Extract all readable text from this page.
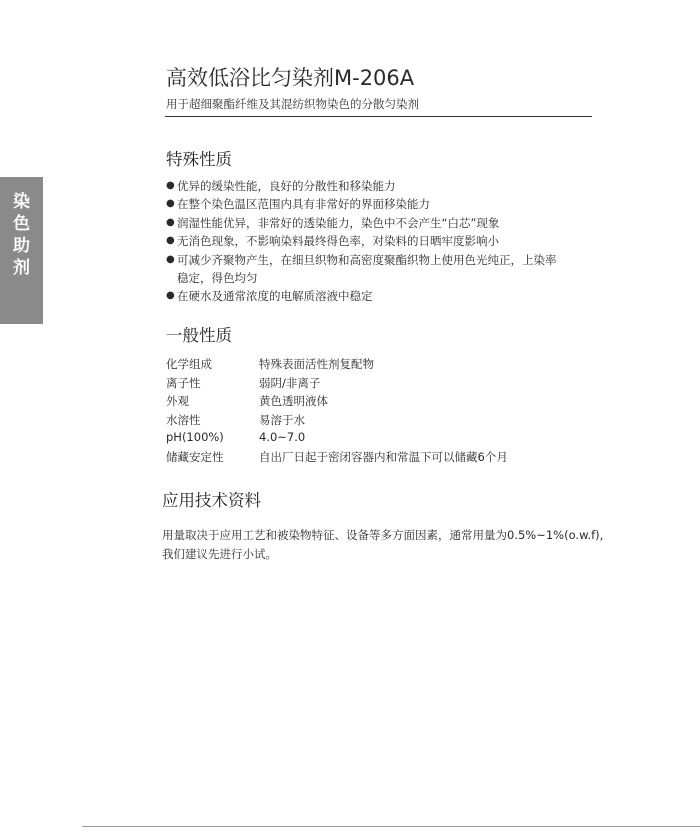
染
色
助
剂
高效低浴比匀染剂M-206A
用于超细聚酯纤维及其混纺织物染色的分散匀染剂
特殊性质
● 优异的缓染性能，良好的分散性和移染能力
● 在整个染色温区范围内具有非常好的界面移染能力
● 润湿性能优异，非常好的透染能力，染色中不会产生“白芯”现象
● 无消色现象，不影响染料最终得色率，对染料的日晒牢度影响小
● 可减少齐聚物产生，在细旦织物和高密度聚酯织物上使用色光纯正，上染率
稳定，得色均匀
● 在硬水及通常浓度的电解质溶液中稳定
一般性质
化学组成	特殊表面活性剂复配物
离子性	弱阴/非离子
外观	黄色透明液体
水溶性	易溶于水
pH(100%)	4.0~7.0
储藏安定性	自出厂日起于密闭容器内和常温下可以储藏6个月
应用技术资料
用量取决于应用工艺和被染物特征、设备等多方面因素，通常用量为0.5%~1%(o.w.f),
我们建议先进行小试。
